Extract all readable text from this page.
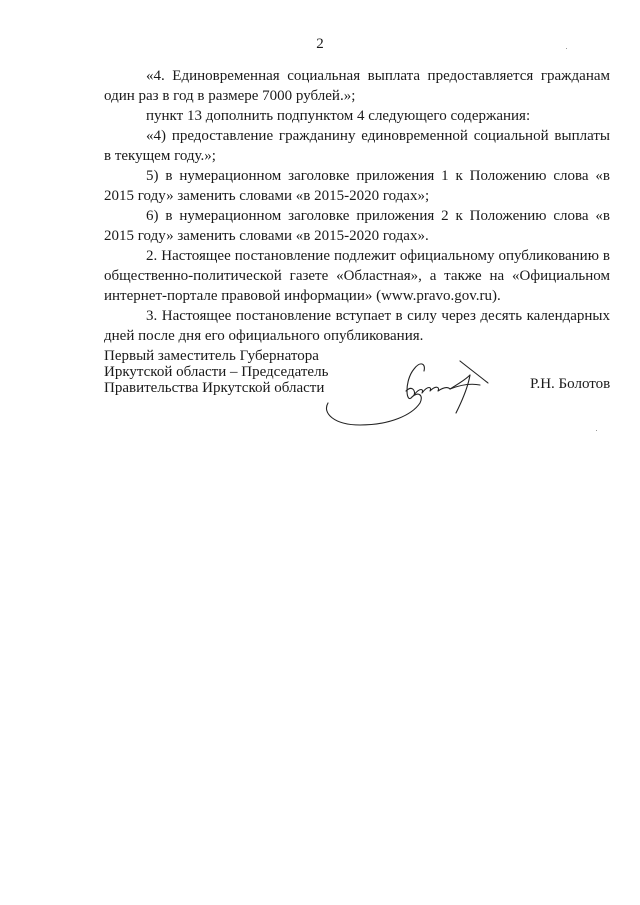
2

«4. Единовременная социальная выплата предоставляется гражданам один раз в год в размере 7000 рублей.»;

пункт 13 дополнить подпунктом 4 следующего содержания:

«4) предоставление гражданину единовременной социальной выплаты в текущем году.»;

5) в нумерационном заголовке приложения 1 к Положению слова «в 2015 году» заменить словами «в 2015-2020 годах»;

6) в нумерационном заголовке приложения 2 к Положению слова «в 2015 году» заменить словами «в 2015-2020 годах».

2. Настоящее постановление подлежит официальному опубликованию в общественно-политической газете «Областная», а также на «Официальном интернет-портале правовой информации» (www.pravo.gov.ru).

3. Настоящее постановление вступает в силу через десять календарных дней после дня его официального опубликования.

Первый заместитель Губернатора
Иркутской области – Председатель
Правительства Иркутской области	Р.Н. Болотов
